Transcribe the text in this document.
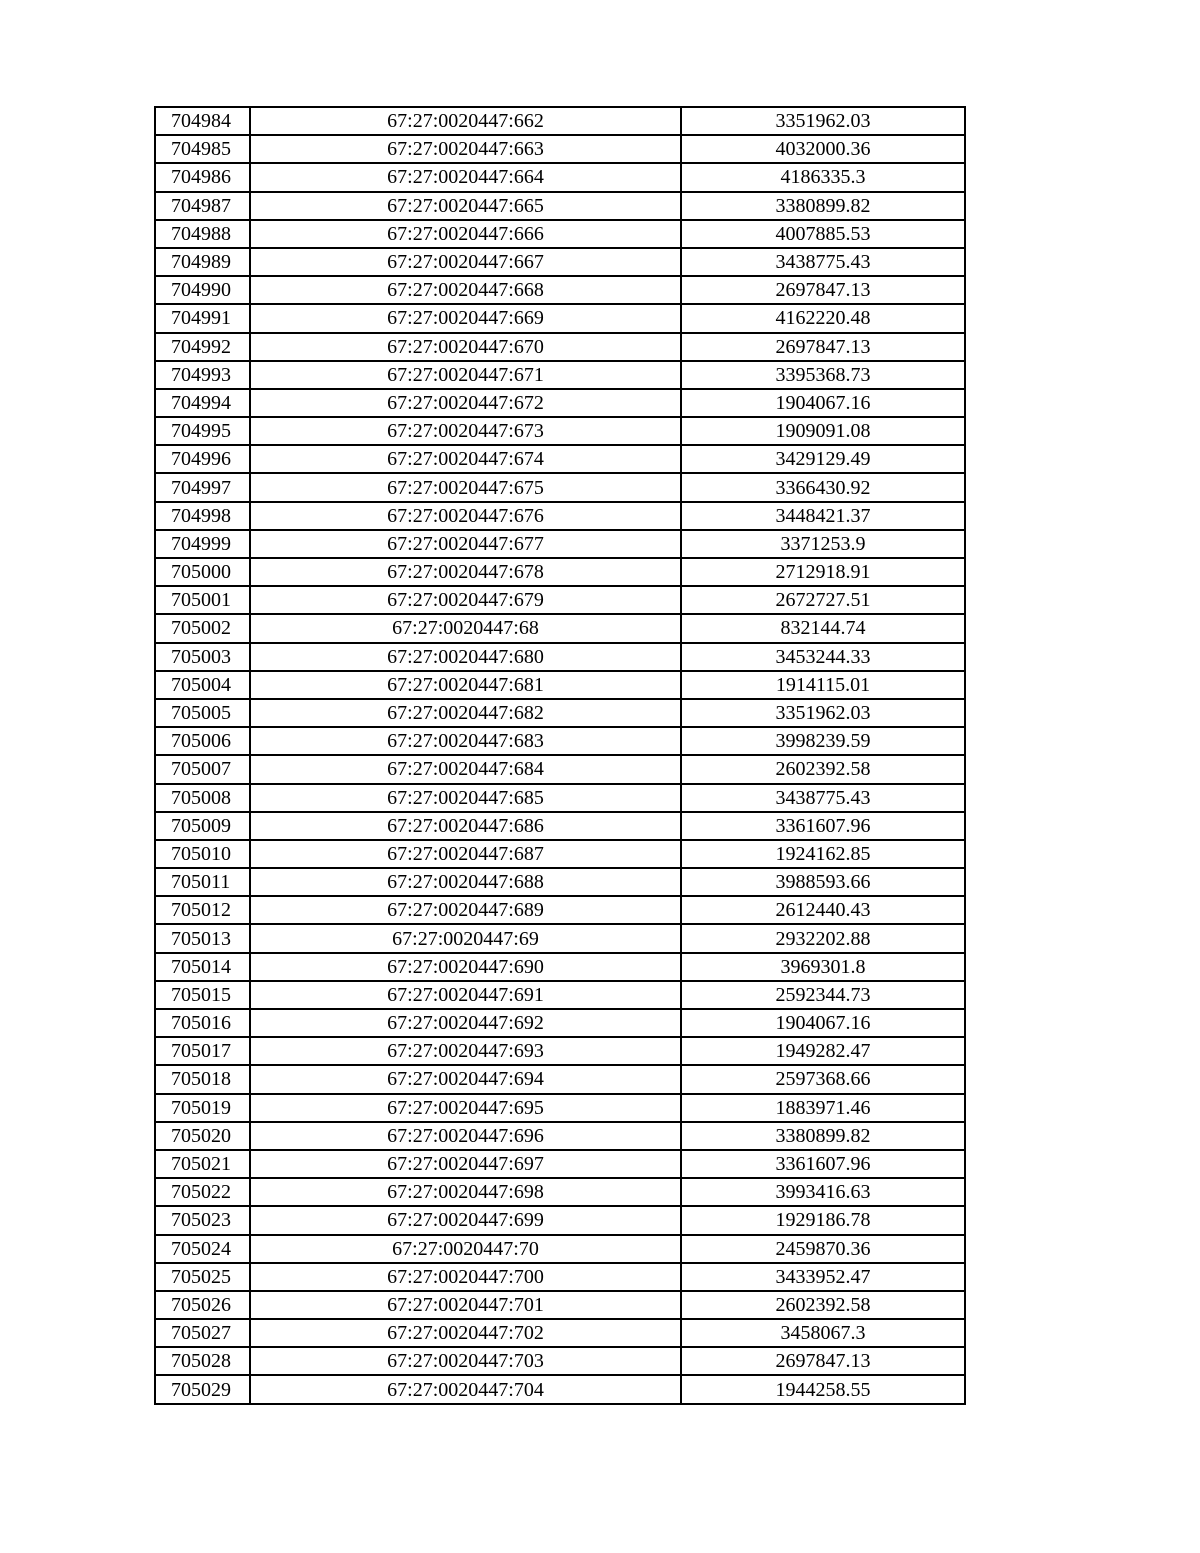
704984	67:27:0020447:662	3351962.03
704985	67:27:0020447:663	4032000.36
704986	67:27:0020447:664	4186335.3
704987	67:27:0020447:665	3380899.82
704988	67:27:0020447:666	4007885.53
704989	67:27:0020447:667	3438775.43
704990	67:27:0020447:668	2697847.13
704991	67:27:0020447:669	4162220.48
704992	67:27:0020447:670	2697847.13
704993	67:27:0020447:671	3395368.73
704994	67:27:0020447:672	1904067.16
704995	67:27:0020447:673	1909091.08
704996	67:27:0020447:674	3429129.49
704997	67:27:0020447:675	3366430.92
704998	67:27:0020447:676	3448421.37
704999	67:27:0020447:677	3371253.9
705000	67:27:0020447:678	2712918.91
705001	67:27:0020447:679	2672727.51
705002	67:27:0020447:68	832144.74
705003	67:27:0020447:680	3453244.33
705004	67:27:0020447:681	1914115.01
705005	67:27:0020447:682	3351962.03
705006	67:27:0020447:683	3998239.59
705007	67:27:0020447:684	2602392.58
705008	67:27:0020447:685	3438775.43
705009	67:27:0020447:686	3361607.96
705010	67:27:0020447:687	1924162.85
705011	67:27:0020447:688	3988593.66
705012	67:27:0020447:689	2612440.43
705013	67:27:0020447:69	2932202.88
705014	67:27:0020447:690	3969301.8
705015	67:27:0020447:691	2592344.73
705016	67:27:0020447:692	1904067.16
705017	67:27:0020447:693	1949282.47
705018	67:27:0020447:694	2597368.66
705019	67:27:0020447:695	1883971.46
705020	67:27:0020447:696	3380899.82
705021	67:27:0020447:697	3361607.96
705022	67:27:0020447:698	3993416.63
705023	67:27:0020447:699	1929186.78
705024	67:27:0020447:70	2459870.36
705025	67:27:0020447:700	3433952.47
705026	67:27:0020447:701	2602392.58
705027	67:27:0020447:702	3458067.3
705028	67:27:0020447:703	2697847.13
705029	67:27:0020447:704	1944258.55
